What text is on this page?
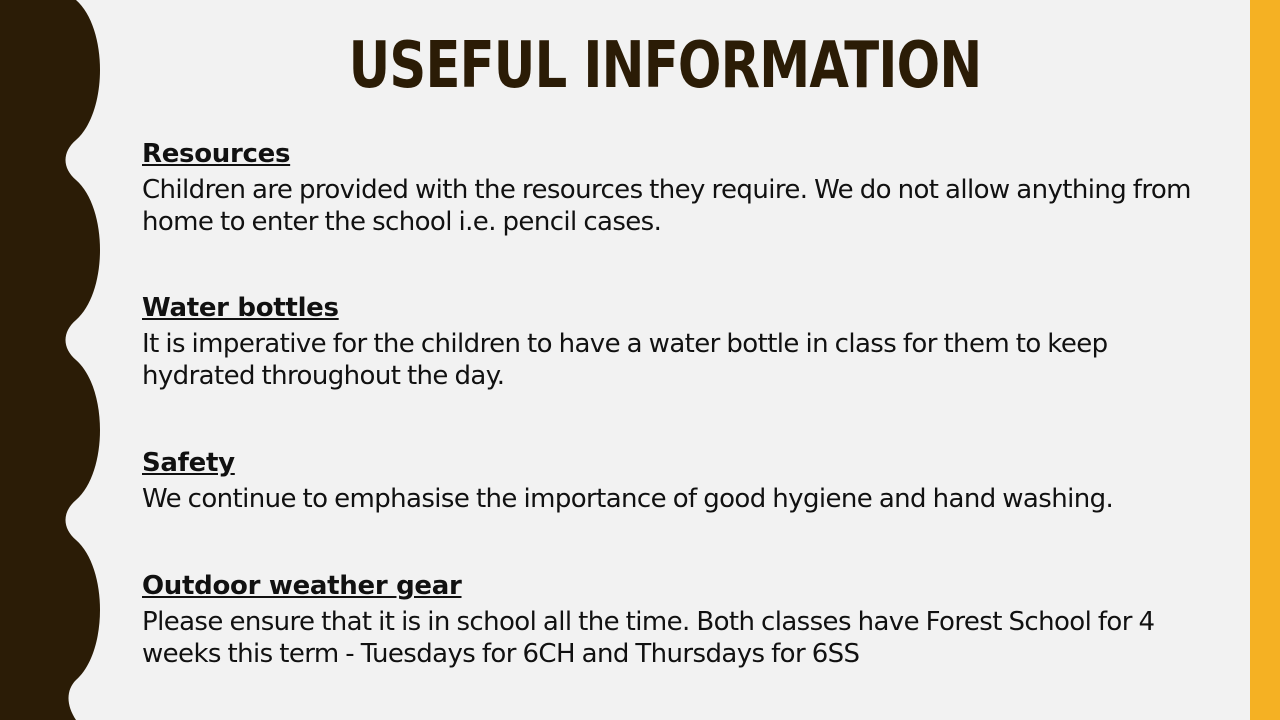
USEFUL INFORMATION

Resources

Children are provided with the resources they require. We do not allow anything from home to enter the school i.e. pencil cases.

Water bottles

It is imperative for the children to have a water bottle in class for them to keep hydrated throughout the day.

Safety

We continue to emphasise the importance of good hygiene and hand washing.

Outdoor weather gear

Please ensure that it is in school all the time. Both classes have Forest School for 4 weeks this term - Tuesdays for 6CH and Thursdays for 6SS
